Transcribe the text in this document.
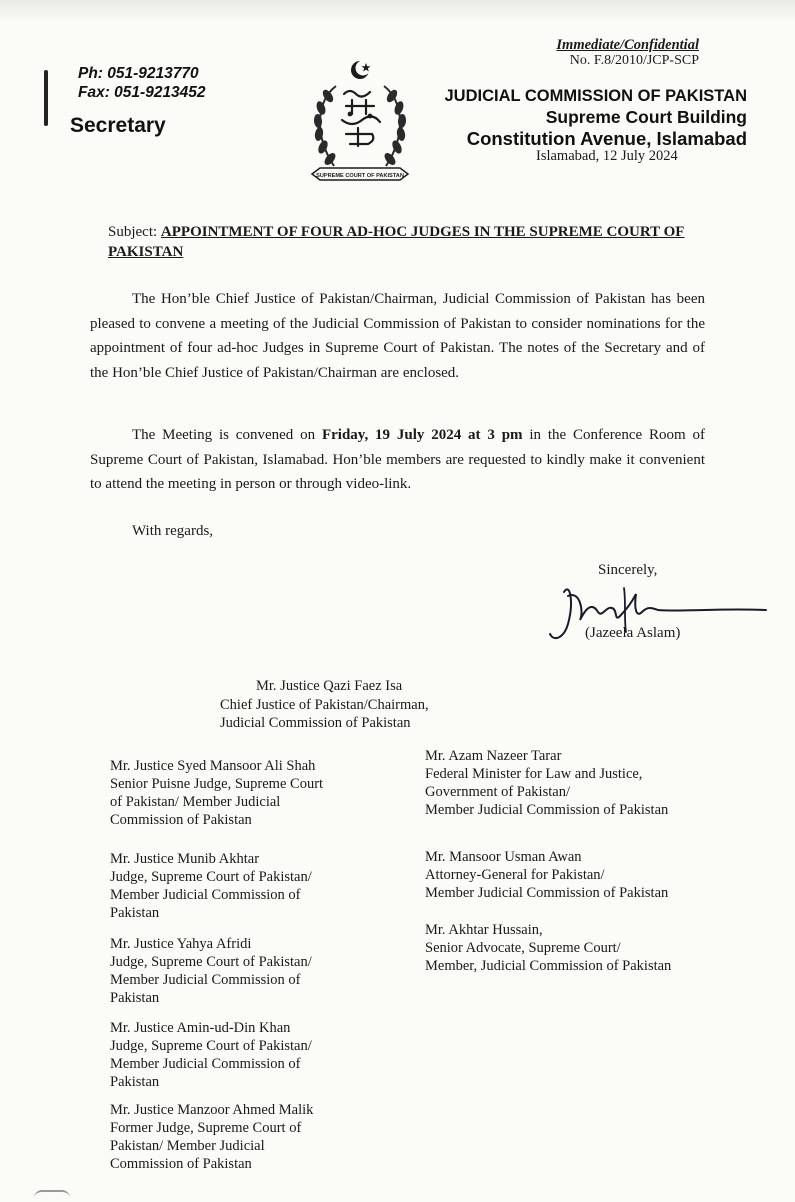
Ph: 051-9213770
Fax: 051-9213452
Secretary
SUPREME COURT OF PAKISTAN
Immediate/Confidential
No. F.8/2010/JCP-SCP
JUDICIAL COMMISSION OF PAKISTAN
Supreme Court Building
Constitution Avenue, Islamabad
Islamabad, 12 July 2024
Subject: APPOINTMENT OF FOUR AD-HOC JUDGES IN THE SUPREME COURT OF PAKISTAN
The Hon’ble Chief Justice of Pakistan/Chairman, Judicial Commission of Pakistan has been pleased to convene a meeting of the Judicial Commission of Pakistan to consider nominations for the appointment of four ad-hoc Judges in Supreme Court of Pakistan. The notes of the Secretary and of the Hon’ble Chief Justice of Pakistan/Chairman are enclosed.
The Meeting is convened on Friday, 19 July 2024 at 3 pm in the Conference Room of Supreme Court of Pakistan, Islamabad. Hon’ble members are requested to kindly make it convenient to attend the meeting in person or through video-link.
With regards,
Sincerely,
(Jazeela Aslam)
Mr. Justice Qazi Faez Isa
Chief Justice of Pakistan/Chairman,
Judicial Commission of Pakistan
Mr. Justice Syed Mansoor Ali Shah
Senior Puisne Judge, Supreme Court
of Pakistan/ Member Judicial
Commission of Pakistan
Mr. Justice Munib Akhtar
Judge, Supreme Court of Pakistan/
Member Judicial Commission of
Pakistan
Mr. Justice Yahya Afridi
Judge, Supreme Court of Pakistan/
Member Judicial Commission of
Pakistan
Mr. Justice Amin-ud-Din Khan
Judge, Supreme Court of Pakistan/
Member Judicial Commission of
Pakistan
Mr. Justice Manzoor Ahmed Malik
Former Judge, Supreme Court of
Pakistan/ Member Judicial
Commission of Pakistan
Mr. Azam Nazeer Tarar
Federal Minister for Law and Justice,
Government of Pakistan/
Member Judicial Commission of Pakistan
Mr. Mansoor Usman Awan
Attorney-General for Pakistan/
Member Judicial Commission of Pakistan
Mr. Akhtar Hussain,
Senior Advocate, Supreme Court/
Member, Judicial Commission of Pakistan
